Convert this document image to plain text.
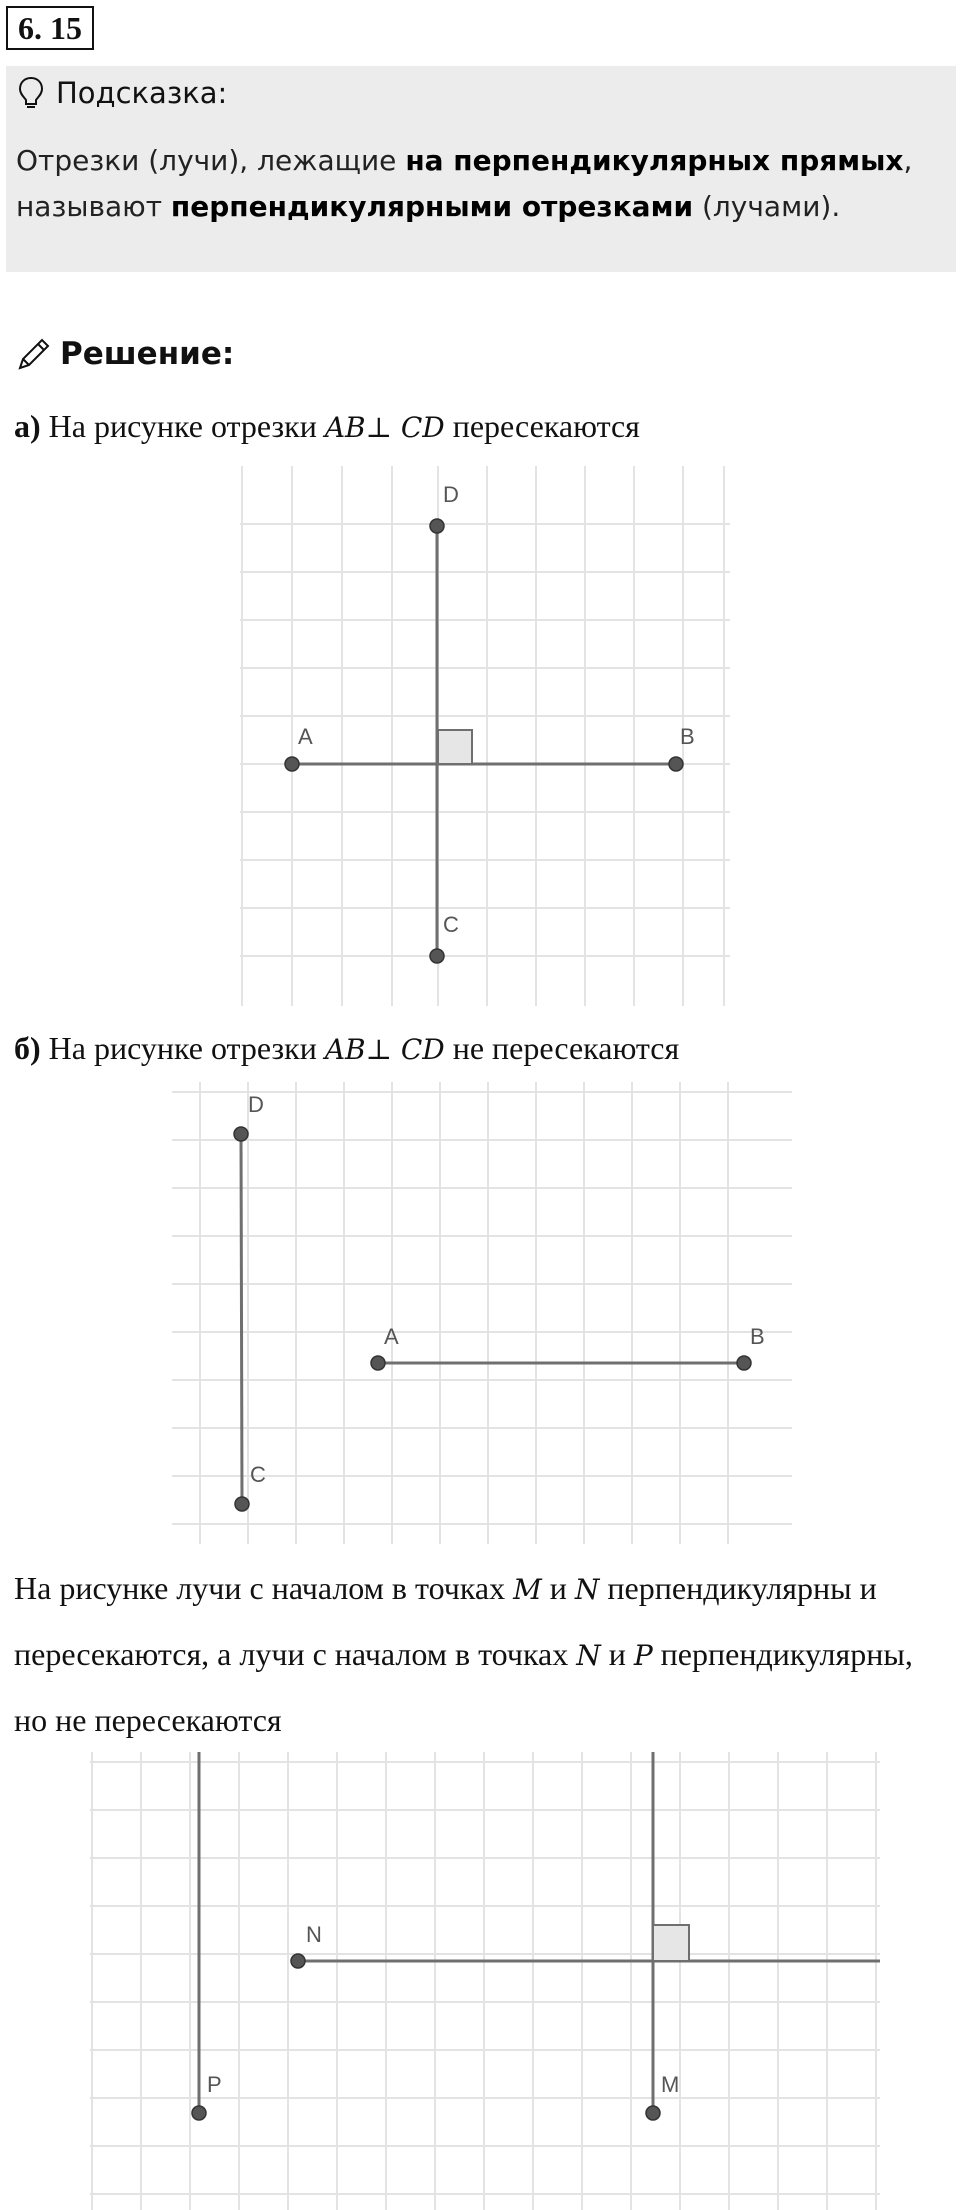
6. 15
Подсказка:
Отрезки (лучи), лежащие на перпендикулярных прямых, называют перпендикулярными отрезками (лучами).
Решение:
а) На рисунке отрезки AB⊥ CD пересекаются
A	B
D
C
б) На рисунке отрезки AB⊥ CD не пересекаются
D
C
A	B
На рисунке лучи с началом в точках M и N перпендикулярны и пересекаются, а лучи с началом в точках N и P перпендикулярны, но не пересекаются
N
P	M
